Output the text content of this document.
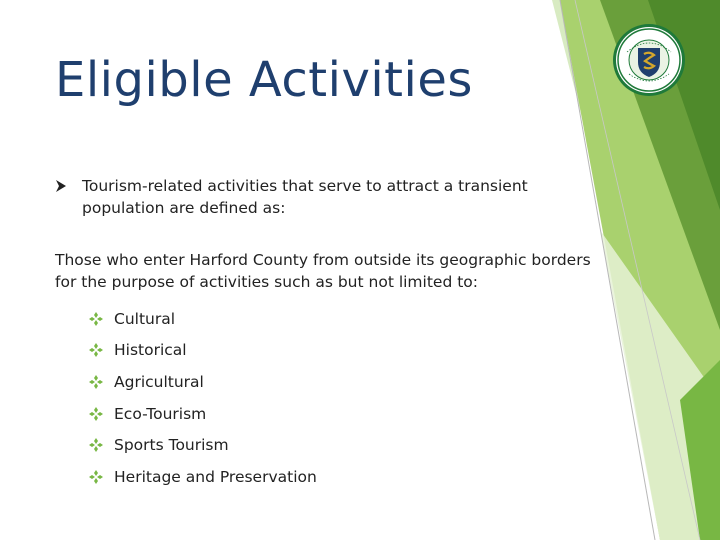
Eligible Activities
Tourism-related activities that serve to attract a transient population are defined as:
Those who enter Harford County from outside its geographic borders for the purpose of activities such as but not limited to:
Cultural
Historical
Agricultural
Eco-Tourism
Sports Tourism
Heritage and Preservation
